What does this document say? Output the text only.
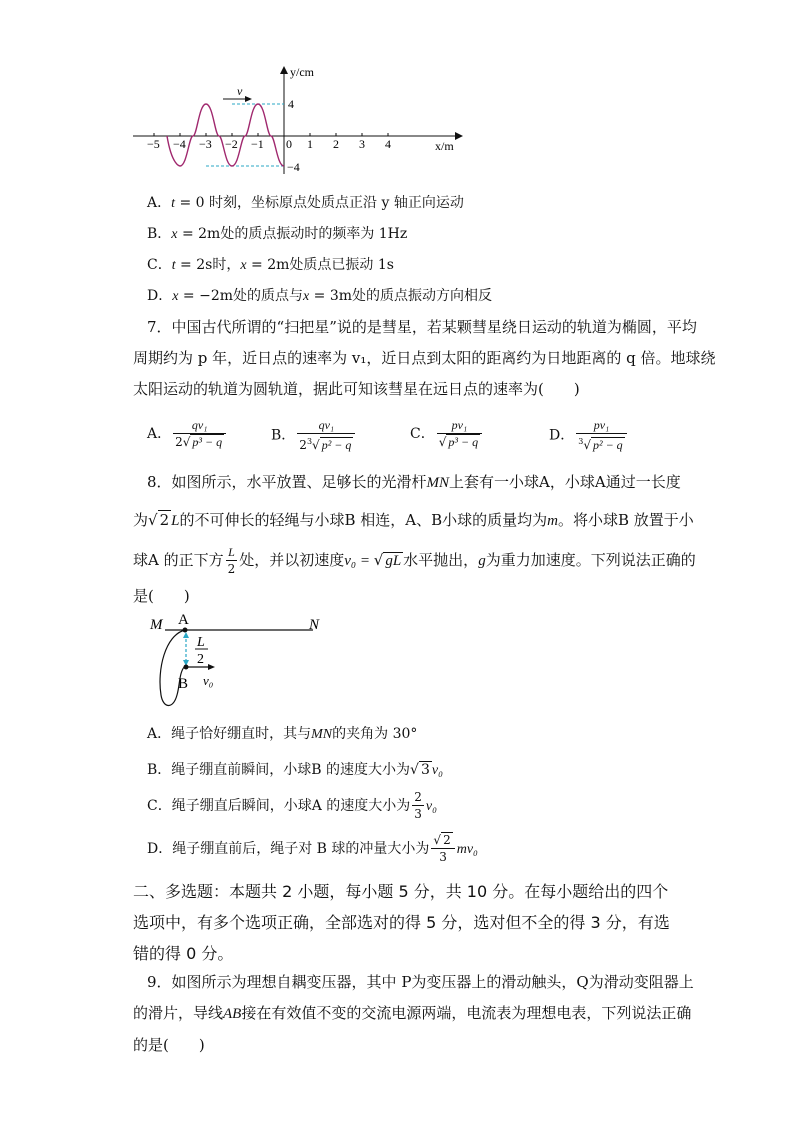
v
y/cm
x/m
4
−4
−5 −4 −3 −2 −1 0 1 2 3 4
A．t = 0 时刻，坐标原点处质点正沿 y 轴正向运动
B．x = 2m处的质点振动时的频率为 1Hz
C．t = 2s时，x = 2m处质点已振动 1s
D．x = −2m处的质点与x = 3m处的质点振动方向相反
7．中国古代所谓的“扫把星”说的是彗星，若某颗彗星绕日运动的轨道为椭圆，平均
周期约为 p 年，近日点的速率为 v₁，近日点到太阳的距离约为日地距离的 q 倍。地球绕
太阳运动的轨道为圆轨道，据此可知该彗星在远日点的速率为(　　)
A． $\frac{\text{qv₁}}{\text{2√ p³ − q}}$	B． $\frac{\text{qv₁}}{2^3√ p^2 - q}$	C． $\frac{\text{pv₁}}{\text{√ p³ − q}}$	D． $\frac{\text{pv₁}}{^3√ p^2 - q}$
8．如图所示，水平放置、足够长的光滑杆MN上套有一小球A，小球A通过一长度
为√ 2 L的不可伸长的轻绳与小球B 相连，A、B小球的质量均为m。将小球B 放置于小
球A 的正下方 $\frac{L}{2}$ 处，并以初速度v₀ = √ gL 水平抛出，g为重力加速度。下列说法正确的
是(　　)
M	N
A
L
2
B v₀
A．绳子恰好绷直时，其与MN的夹角为 30°
B．绳子绷直前瞬间，小球B 的速度大小为√ 3 v₀
C．绳子绷直后瞬间，小球A 的速度大小为 $\frac{2}{3} v_0$
D．绳子绷直前后，绳子对 B 球的冲量大小为 $\frac{√ 2}{3} mv_0$
二、多选题：本题共 2 小题，每小题 5 分，共 10 分。在每小题给出的四个
选项中，有多个选项正确，全部选对的得 5 分，选对但不全的得 3 分，有选
错的得 0 分。
9．如图所示为理想自耦变压器，其中 P为变压器上的滑动触头，Q为滑动变阻器上
的滑片，导线AB接在有效值不变的交流电源两端，电流表为理想电表，下列说法正确
的是(　　)
